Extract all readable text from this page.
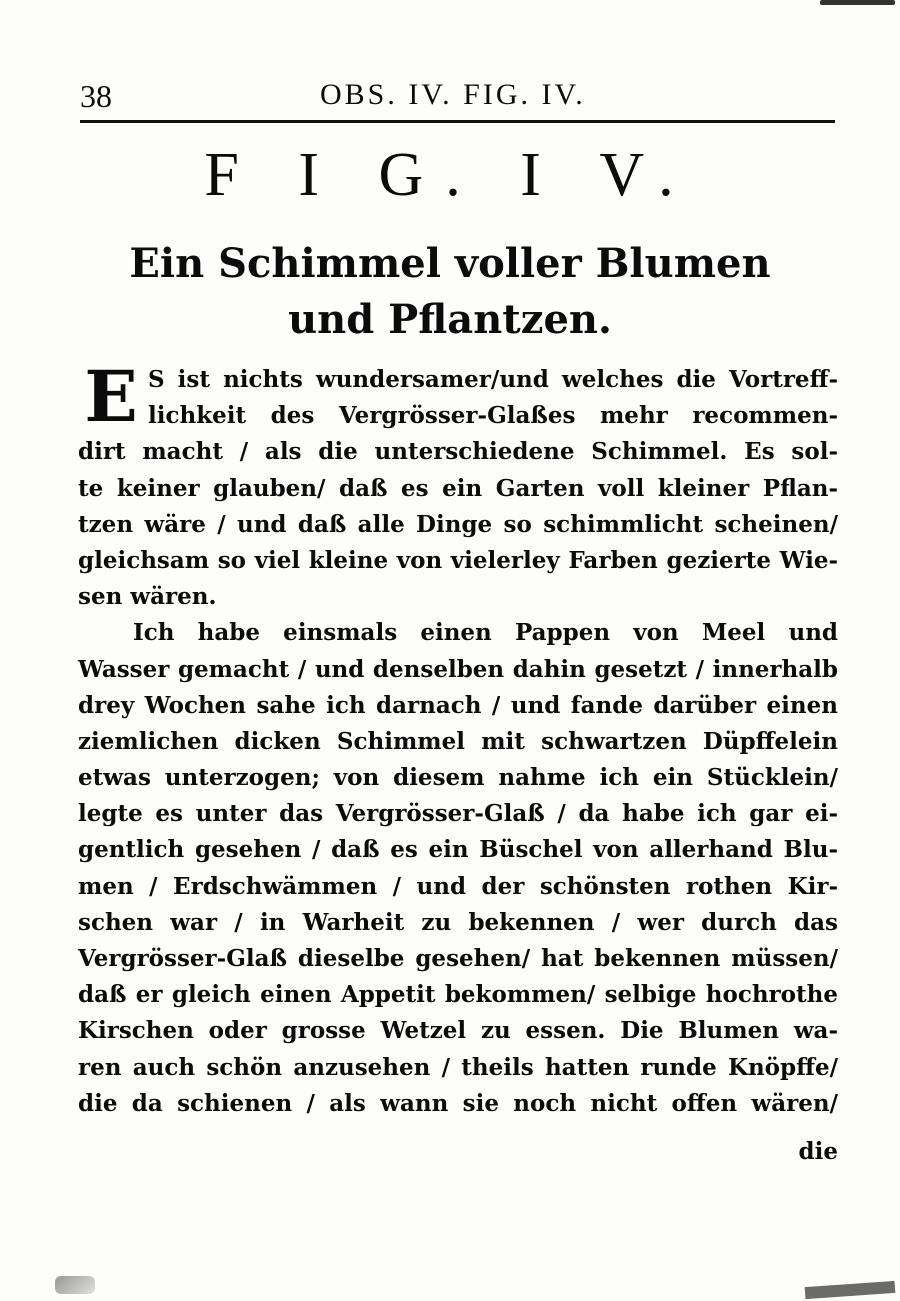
38	OBS. IV. FIG. IV.
F I G. I V.
Ein Schimmel voller Blumen
und Pflantzen.
E S ist nichts wundersamer/und welches die Vortreff-
lichkeit des Vergrösser-Glaßes mehr recommen-
dirt macht / als die unterschiedene Schimmel. Es sol-
te keiner glauben/ daß es ein Garten voll kleiner Pflan-
tzen wäre / und daß alle Dinge so schimmlicht scheinen/
gleichsam so viel kleine von vielerley Farben gezierte Wie-
sen wären.
Ich habe einsmals einen Pappen von Meel und
Wasser gemacht / und denselben dahin gesetzt / innerhalb
drey Wochen sahe ich darnach / und fande darüber einen
ziemlichen dicken Schimmel mit schwartzen Düpffelein
etwas unterzogen; von diesem nahme ich ein Stücklein/
legte es unter das Vergrösser-Glaß / da habe ich gar ei-
gentlich gesehen / daß es ein Büschel von allerhand Blu-
men / Erdschwämmen / und der schönsten rothen Kir-
schen war / in Warheit zu bekennen / wer durch das
Vergrösser-Glaß dieselbe gesehen/ hat bekennen müssen/
daß er gleich einen Appetit bekommen/ selbige hochrothe
Kirschen oder grosse Wetzel zu essen. Die Blumen wa-
ren auch schön anzusehen / theils hatten runde Knöpffe/
die da schienen / als wann sie noch nicht offen wären/
die
